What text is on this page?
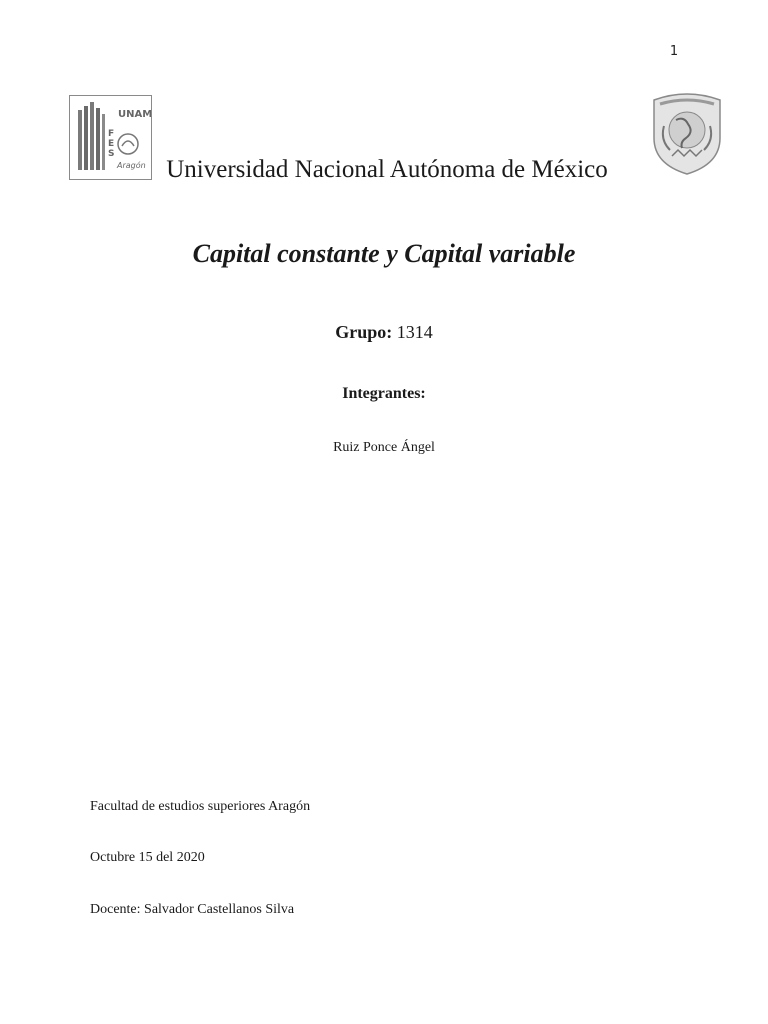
1
UNAM
F
E
S
Aragón Universidad Nacional Autónoma de México
Capital constante y Capital variable
Grupo: 1314
Integrantes:
Ruiz Ponce Ángel
Facultad de estudios superiores Aragón
Octubre 15 del 2020
Docente: Salvador Castellanos Silva
